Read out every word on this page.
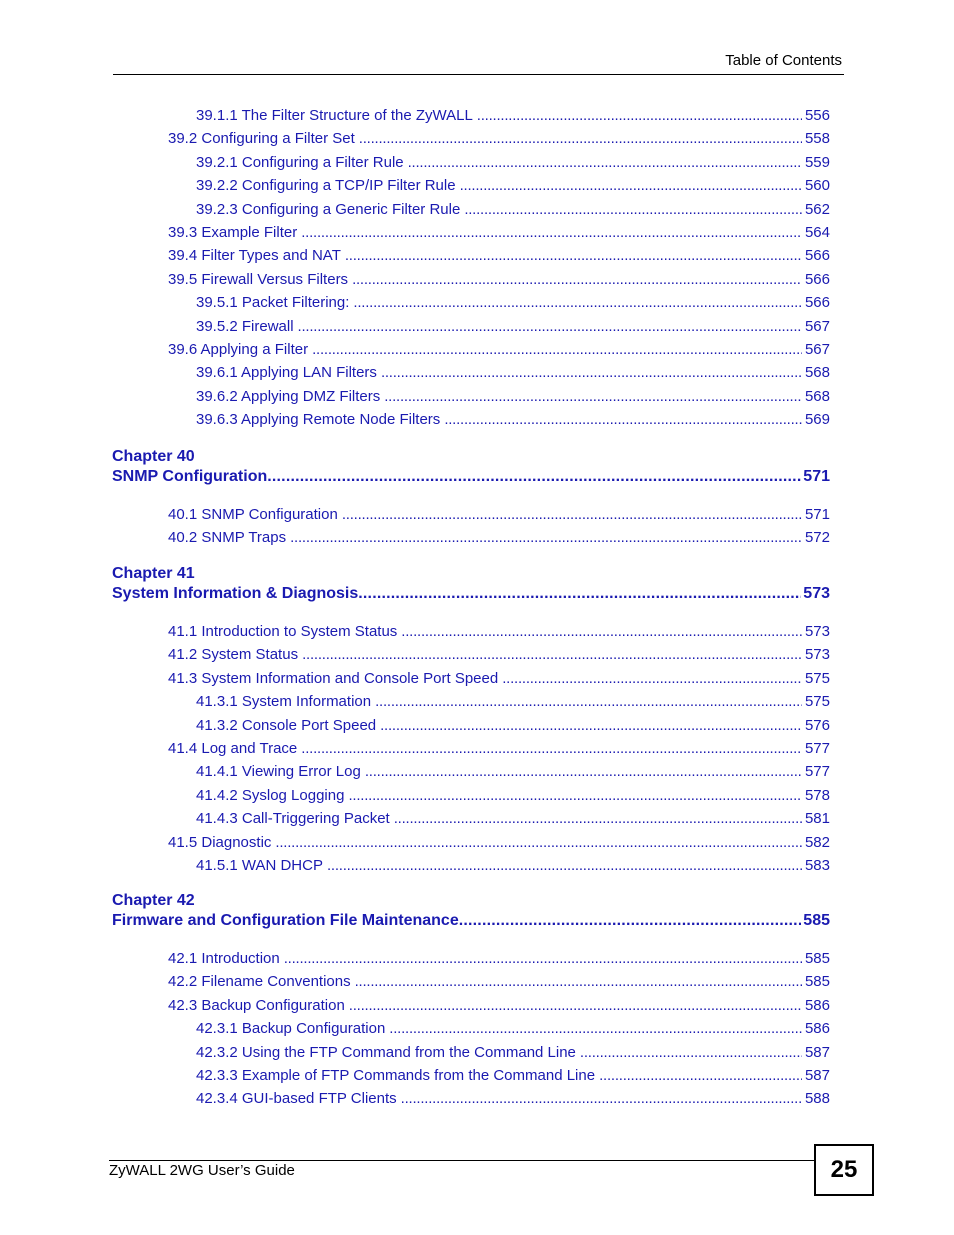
Table of Contents
39.1.1 The Filter Structure of the ZyWALL . . .	556
39.2 Configuring a Filter Set . . .	558
39.2.1 Configuring a Filter Rule . . .	559
39.2.2 Configuring a TCP/IP Filter Rule . . .	560
39.2.3 Configuring a Generic Filter Rule . . .	562
39.3 Example Filter . . .	564
39.4 Filter Types and NAT . . .	566
39.5 Firewall Versus Filters . . .	566
39.5.1 Packet Filtering: . . .	566
39.5.2 Firewall . . .	567
39.6 Applying a Filter . . .	567
39.6.1 Applying LAN Filters . . .	568
39.6.2 Applying DMZ Filters . . .	568
39.6.3 Applying Remote Node Filters . . .	569
Chapter 40
SNMP Configuration .....	571
40.1 SNMP Configuration . . .	571
40.2 SNMP Traps . . .	572
Chapter 41
System Information & Diagnosis .....	573
41.1 Introduction to System Status . . .	573
41.2 System Status . . .	573
41.3 System Information and Console Port Speed . . .	575
41.3.1 System Information . . .	575
41.3.2 Console Port Speed . . .	576
41.4 Log and Trace . . .	577
41.4.1 Viewing Error Log . . .	577
41.4.2 Syslog Logging . . .	578
41.4.3 Call-Triggering Packet . . .	581
41.5 Diagnostic . . .	582
41.5.1 WAN DHCP . . .	583
Chapter 42
Firmware and Configuration File Maintenance .....	585
42.1 Introduction . . .	585
42.2 Filename Conventions . . .	585
42.3 Backup Configuration . . .	586
42.3.1 Backup Configuration . . .	586
42.3.2 Using the FTP Command from the Command Line . . .	587
42.3.3 Example of FTP Commands from the Command Line . . .	587
42.3.4 GUI-based FTP Clients . . .	588
ZyWALL 2WG User’s Guide	25
